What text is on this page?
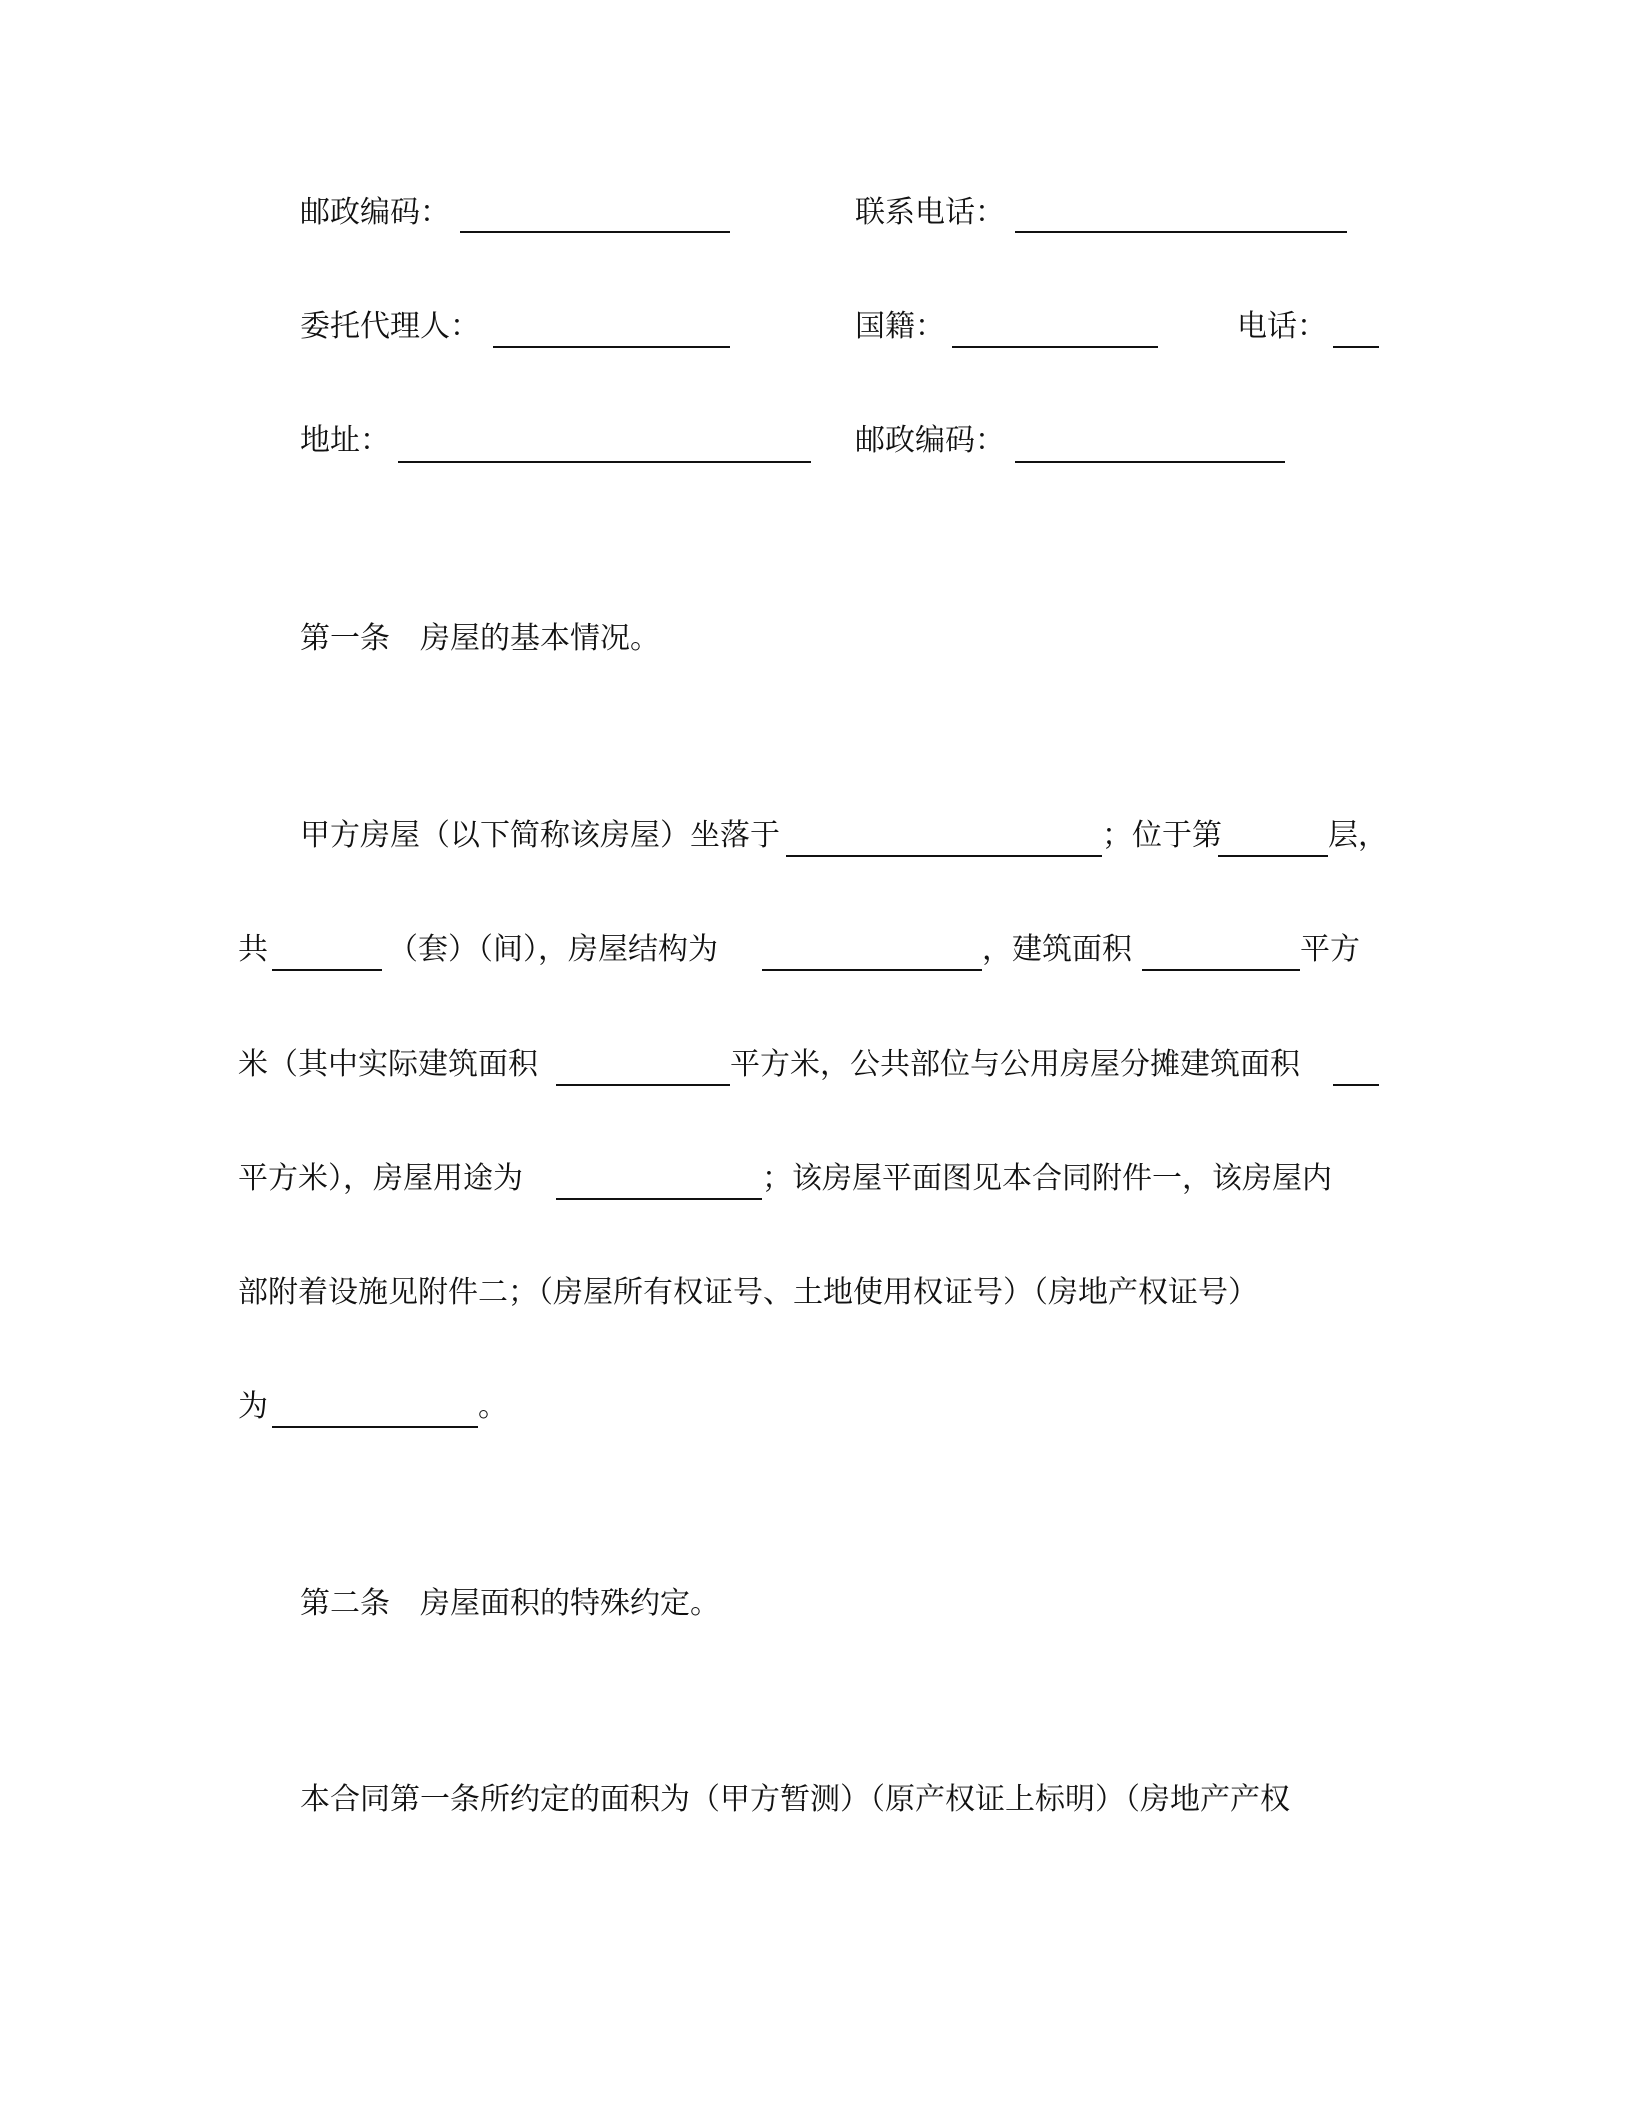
邮政编码：	联系电话：
委托代理人：	国籍：	电话：
地址：	邮政编码：
第一条　房屋的基本情况。
甲方房屋（以下简称该房屋）坐落于	；位于第	层，
共	（套）（间），房屋结构为	，建筑面积	平方
米（其中实际建筑面积	平方米，公共部位与公用房屋分摊建筑面积
平方米），房屋用途为	；该房屋平面图见本合同附件一，该房屋内
部附着设施见附件二；（房屋所有权证号、土地使用权证号）（房地产权证号）
为	。
第二条　房屋面积的特殊约定。
本合同第一条所约定的面积为（甲方暂测）（原产权证上标明）（房地产产权
